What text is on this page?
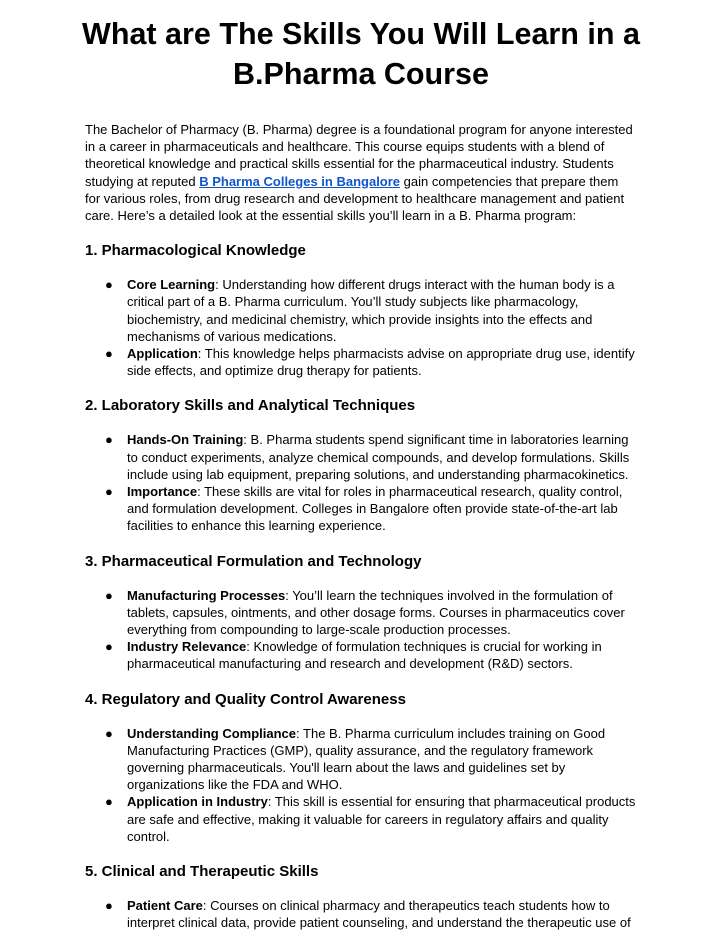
What are The Skills You Will Learn in a B.Pharma Course

The Bachelor of Pharmacy (B. Pharma) degree is a foundational program for anyone interested in a career in pharmaceuticals and healthcare. This course equips students with a blend of theoretical knowledge and practical skills essential for the pharmaceutical industry. Students studying at reputed B Pharma Colleges in Bangalore gain competencies that prepare them for various roles, from drug research and development to healthcare management and patient care. Here’s a detailed look at the essential skills you’ll learn in a B. Pharma program:

1. Pharmacological Knowledge
● Core Learning: Understanding how different drugs interact with the human body is a critical part of a B. Pharma curriculum. You’ll study subjects like pharmacology, biochemistry, and medicinal chemistry, which provide insights into the effects and mechanisms of various medications.
● Application: This knowledge helps pharmacists advise on appropriate drug use, identify side effects, and optimize drug therapy for patients.
2. Laboratory Skills and Analytical Techniques
● Hands-On Training: B. Pharma students spend significant time in laboratories learning to conduct experiments, analyze chemical compounds, and develop formulations. Skills include using lab equipment, preparing solutions, and understanding pharmacokinetics.
● Importance: These skills are vital for roles in pharmaceutical research, quality control, and formulation development. Colleges in Bangalore often provide state-of-the-art lab facilities to enhance this learning experience.
3. Pharmaceutical Formulation and Technology
● Manufacturing Processes: You’ll learn the techniques involved in the formulation of tablets, capsules, ointments, and other dosage forms. Courses in pharmaceutics cover everything from compounding to large-scale production processes.
● Industry Relevance: Knowledge of formulation techniques is crucial for working in pharmaceutical manufacturing and research and development (R&D) sectors.
4. Regulatory and Quality Control Awareness
● Understanding Compliance: The B. Pharma curriculum includes training on Good Manufacturing Practices (GMP), quality assurance, and the regulatory framework governing pharmaceuticals. You'll learn about the laws and guidelines set by organizations like the FDA and WHO.
● Application in Industry: This skill is essential for ensuring that pharmaceutical products are safe and effective, making it valuable for careers in regulatory affairs and quality control.
5. Clinical and Therapeutic Skills
● Patient Care: Courses on clinical pharmacy and therapeutics teach students how to interpret clinical data, provide patient counseling, and understand the therapeutic use of
